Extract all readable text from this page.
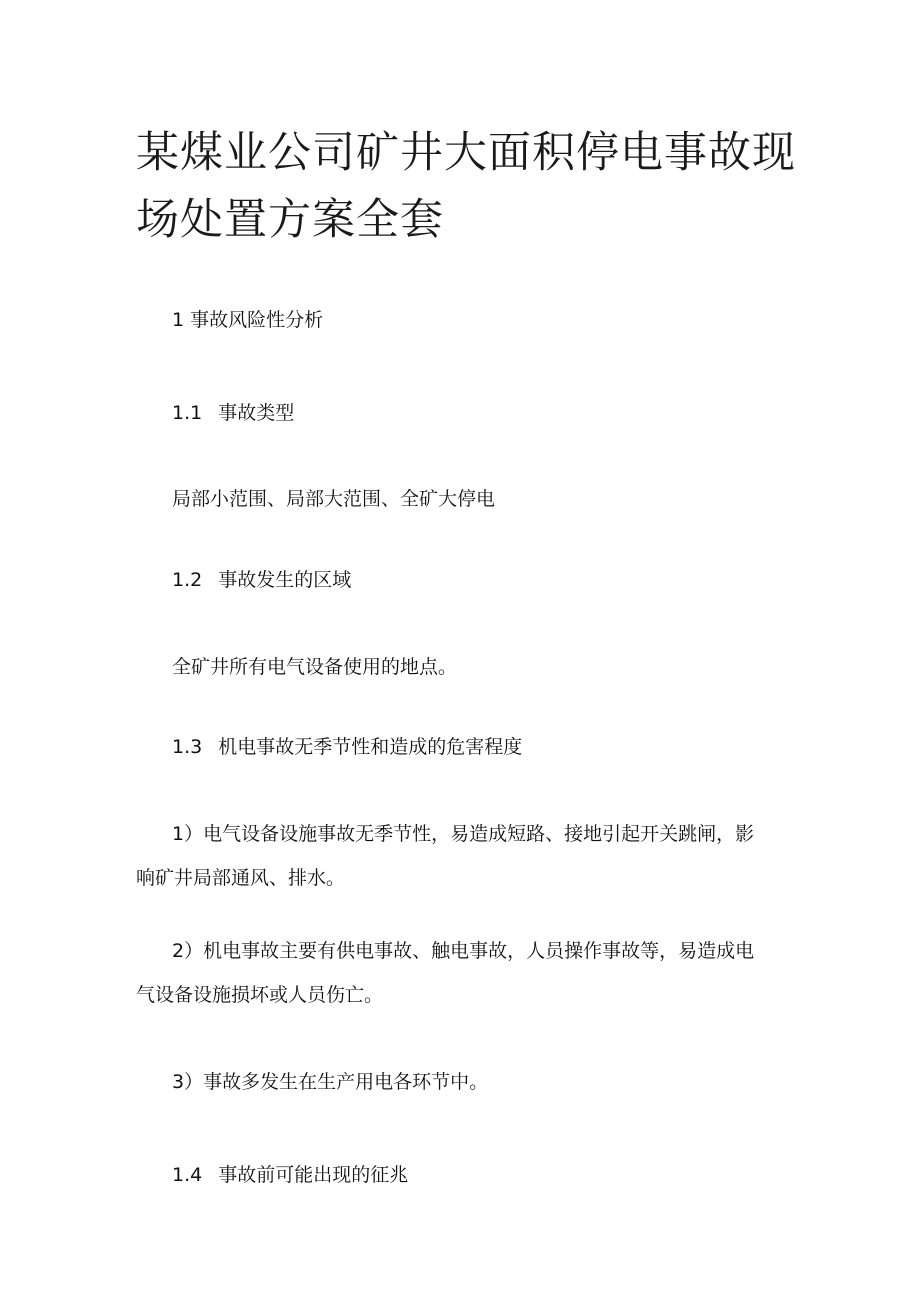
某煤业公司矿井大面积停电事故现
场处置方案全套

1 事故风险性分析

1.1 事故类型

局部小范围、局部大范围、全矿大停电

1.2 事故发生的区域

全矿井所有电气设备使用的地点。

1.3 机电事故无季节性和造成的危害程度

1）电气设备设施事故无季节性，易造成短路、接地引起开关跳闸，影
响矿井局部通风、排水。
2）机电事故主要有供电事故、触电事故，人员操作事故等，易造成电
气设备设施损坏或人员伤亡。

3）事故多发生在生产用电各环节中。

1.4 事故前可能出现的征兆
